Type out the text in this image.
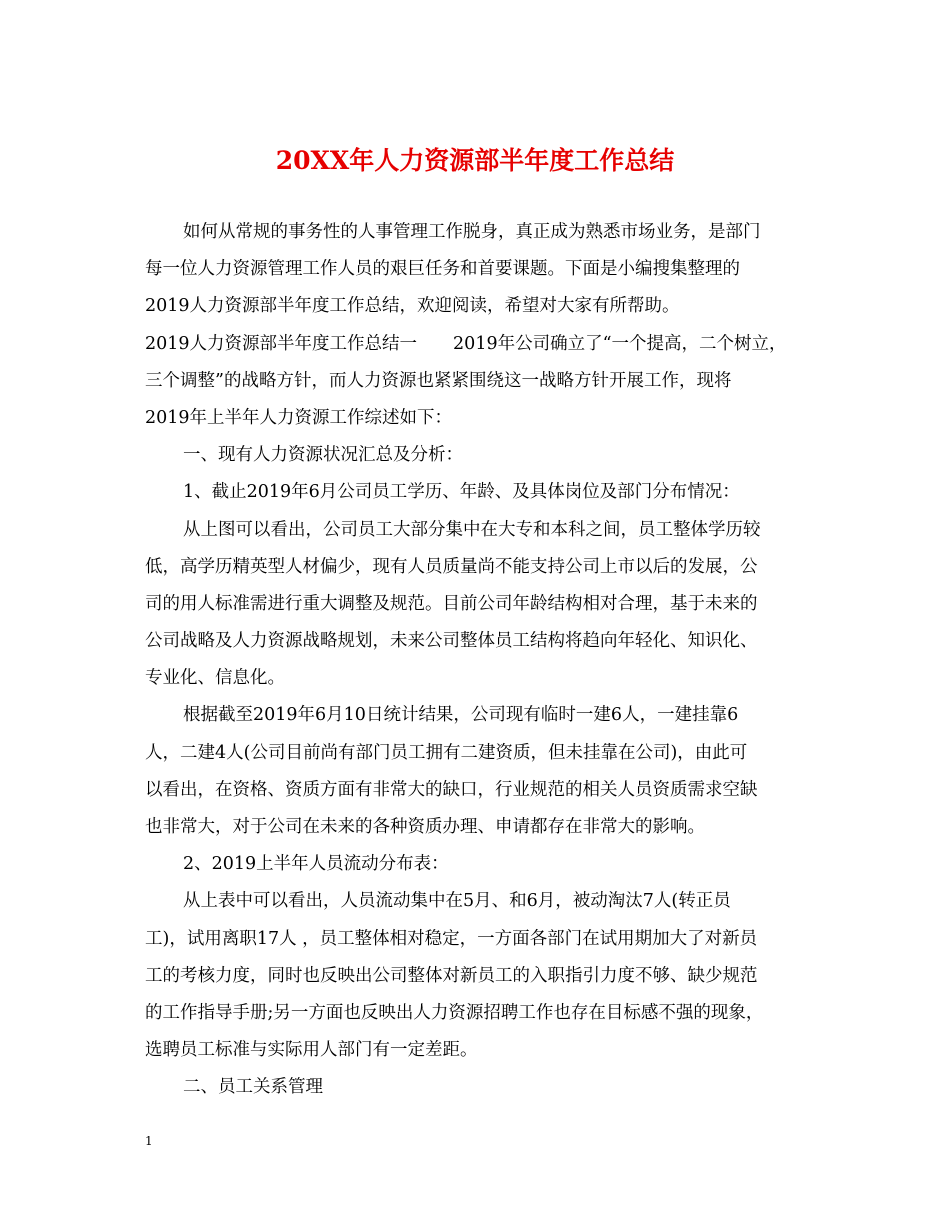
20XX年人力资源部半年度工作总结
如何从常规的事务性的人事管理工作脱身，真正成为熟悉市场业务，是部门
每一位人力资源管理工作人员的艰巨任务和首要课题。下面是小编搜集整理的
2019人力资源部半年度工作总结，欢迎阅读，希望对大家有所帮助。
2019人力资源部半年度工作总结一 2019年公司确立了“一个提高，二个树立，
三个调整”的战略方针，而人力资源也紧紧围绕这一战略方针开展工作，现将
2019年上半年人力资源工作综述如下：
一、现有人力资源状况汇总及分析：
1、截止2019年6月公司员工学历、年龄、及具体岗位及部门分布情况：
从上图可以看出，公司员工大部分集中在大专和本科之间，员工整体学历较
低，高学历精英型人材偏少，现有人员质量尚不能支持公司上市以后的发展，公
司的用人标准需进行重大调整及规范。目前公司年龄结构相对合理，基于未来的
公司战略及人力资源战略规划，未来公司整体员工结构将趋向年轻化、知识化、
专业化、信息化。
根据截至2019年6月10日统计结果，公司现有临时一建6人，一建挂靠6
人，二建4人(公司目前尚有部门员工拥有二建资质，但未挂靠在公司)，由此可
以看出，在资格、资质方面有非常大的缺口，行业规范的相关人员资质需求空缺
也非常大，对于公司在未来的各种资质办理、申请都存在非常大的影响。
2、2019上半年人员流动分布表：
从上表中可以看出，人员流动集中在5月、和6月，被动淘汰7人(转正员
工)，试用离职17人 ，员工整体相对稳定，一方面各部门在试用期加大了对新员
工的考核力度，同时也反映出公司整体对新员工的入职指引力度不够、缺少规范
的工作指导手册;另一方面也反映出人力资源招聘工作也存在目标感不强的现象，
选聘员工标准与实际用人部门有一定差距。
二、员工关系管理
1
